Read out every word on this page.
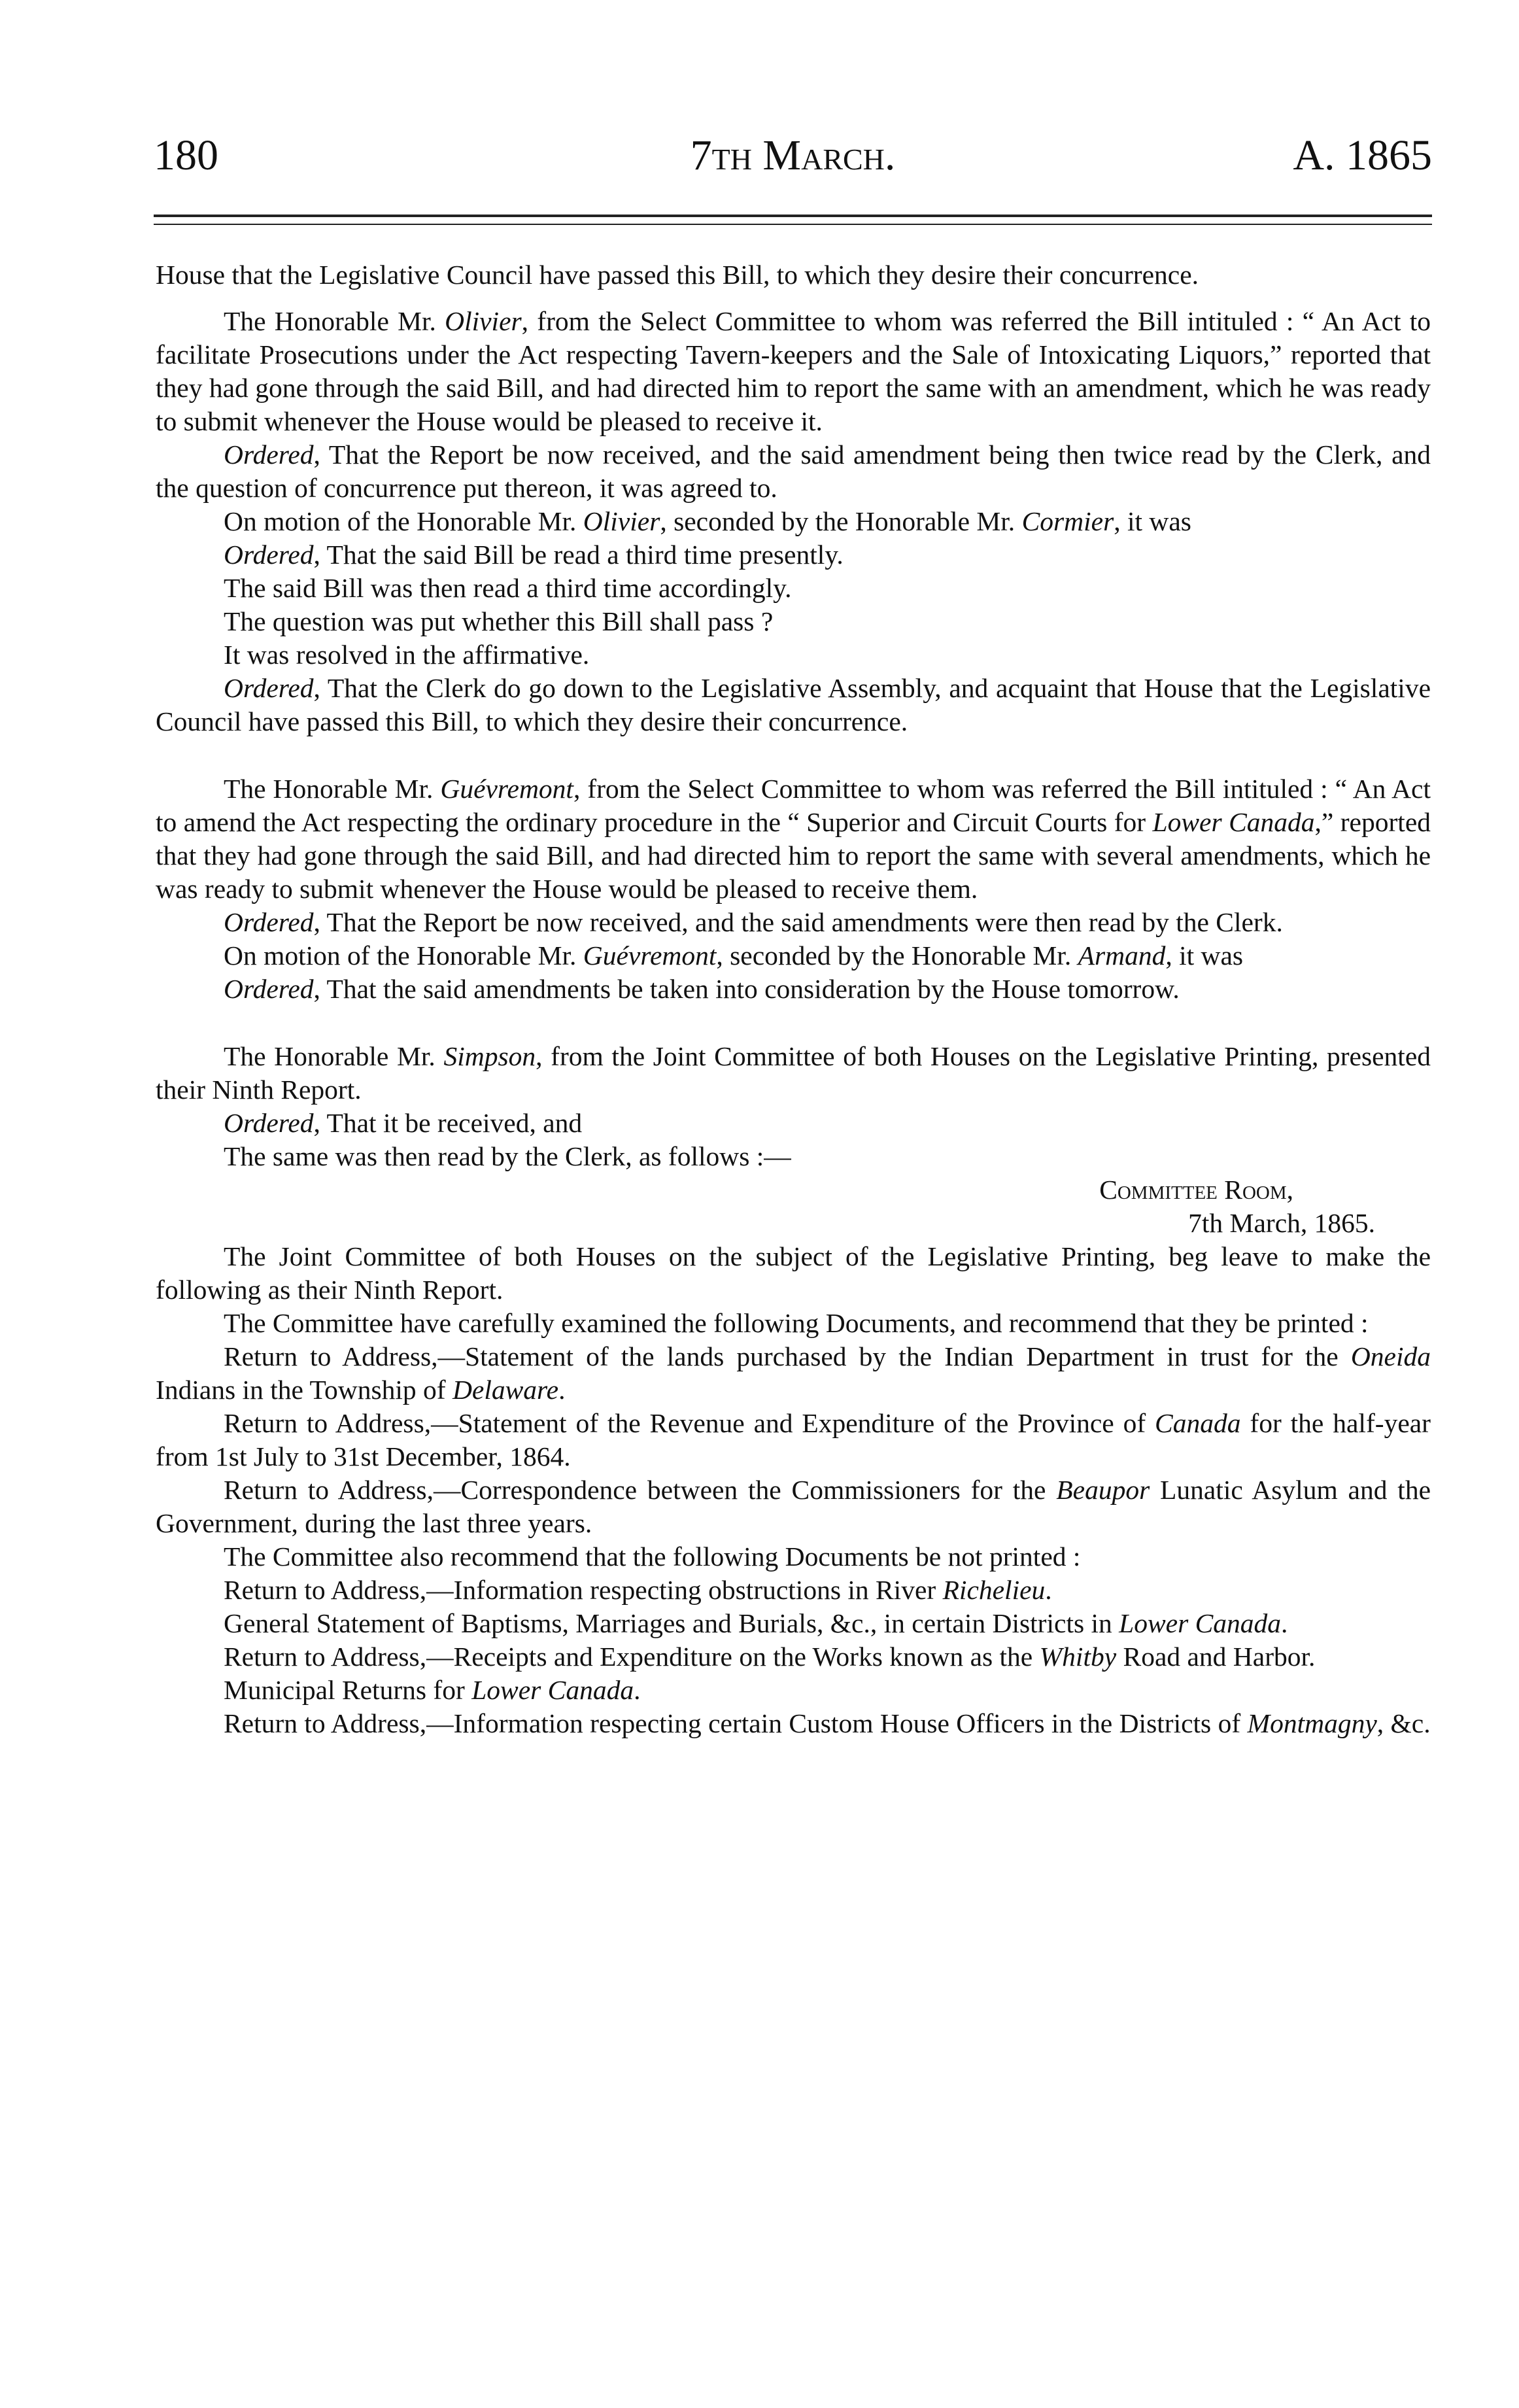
180	7th March.	A. 1865

House that the Legislative Council have passed this Bill, to which they desire their concurrence.

The Honorable Mr. Olivier, from the Select Committee to whom was referred the Bill intituled : “ An Act to facilitate Prosecutions under the Act respecting Tavern-keepers and the Sale of Intoxicating Liquors,” reported that they had gone through the said Bill, and had directed him to report the same with an amendment, which he was ready to submit whenever the House would be pleased to receive it.

Ordered, That the Report be now received, and the said amendment being then twice read by the Clerk, and the question of concurrence put thereon, it was agreed to.

On motion of the Honorable Mr. Olivier, seconded by the Honorable Mr. Cormier, it was

Ordered, That the said Bill be read a third time presently.

The said Bill was then read a third time accordingly.

The question was put whether this Bill shall pass ?

It was resolved in the affirmative.

Ordered, That the Clerk do go down to the Legislative Assembly, and acquaint that House that the Legislative Council have passed this Bill, to which they desire their concurrence.

The Honorable Mr. Guévremont, from the Select Committee to whom was referred the Bill intituled : “ An Act to amend the Act respecting the ordinary procedure in the “ Superior and Circuit Courts for Lower Canada,” reported that they had gone through the said Bill, and had directed him to report the same with several amendments, which he was ready to submit whenever the House would be pleased to receive them.

Ordered, That the Report be now received, and the said amendments were then read by the Clerk.

On motion of the Honorable Mr. Guévremont, seconded by the Honorable Mr. Armand, it was

Ordered, That the said amendments be taken into consideration by the House tomorrow.

The Honorable Mr. Simpson, from the Joint Committee of both Houses on the Legislative Printing, presented their Ninth Report.

Ordered, That it be received, and

The same was then read by the Clerk, as follows :—

Committee Room,

7th March, 1865.

The Joint Committee of both Houses on the subject of the Legislative Printing, beg leave to make the following as their Ninth Report.

The Committee have carefully examined the following Documents, and recommend that they be printed :

Return to Address,—Statement of the lands purchased by the Indian Department in trust for the Oneida Indians in the Township of Delaware.

Return to Address,—Statement of the Revenue and Expenditure of the Province of Canada for the half-year from 1st July to 31st December, 1864.

Return to Address,—Correspondence between the Commissioners for the Beaupor Lunatic Asylum and the Government, during the last three years.

The Committee also recommend that the following Documents be not printed :

Return to Address,—Information respecting obstructions in River Richelieu.

General Statement of Baptisms, Marriages and Burials, &c., in certain Districts in Lower Canada.

Return to Address,—Receipts and Expenditure on the Works known as the Whitby Road and Harbor.

Municipal Returns for Lower Canada.

Return to Address,—Information respecting certain Custom House Officers in the Districts of Montmagny, &c.
